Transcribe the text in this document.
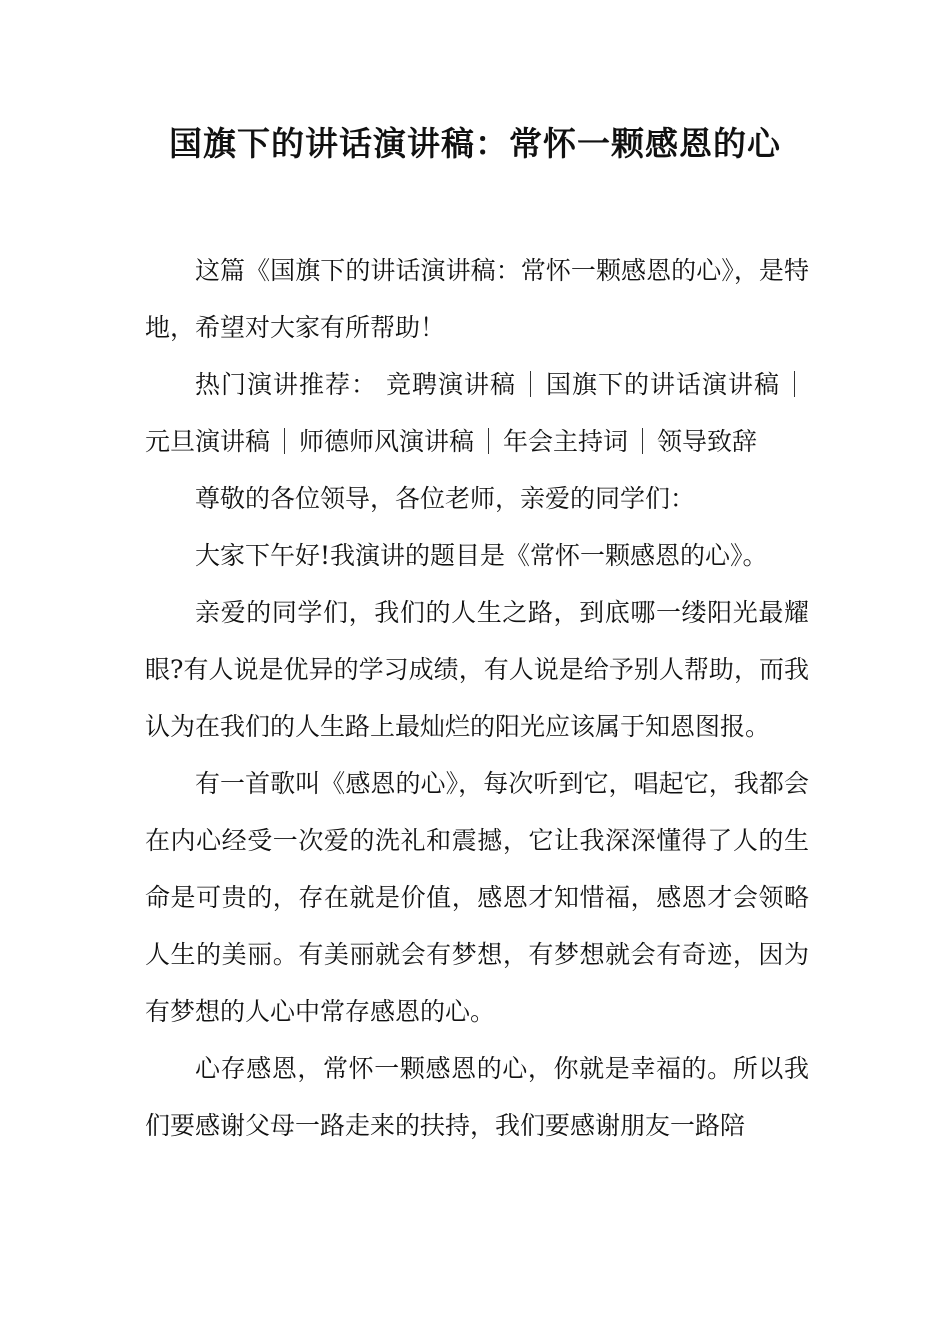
国旗下的讲话演讲稿：常怀一颗感恩的心

这篇《国旗下的讲话演讲稿：常怀一颗感恩的心》，是特地，希望对大家有所帮助！

热门演讲推荐： 竞聘演讲稿 国旗下的讲话演讲稿元旦演讲稿 师德师风演讲稿 年会主持词 领导致辞

尊敬的各位领导，各位老师，亲爱的同学们：

大家下午好!我演讲的题目是《常怀一颗感恩的心》。

亲爱的同学们，我们的人生之路，到底哪一缕阳光最耀眼?有人说是优异的学习成绩，有人说是给予别人帮助，而我认为在我们的人生路上最灿烂的阳光应该属于知恩图报。

有一首歌叫《感恩的心》，每次听到它，唱起它，我都会在内心经受一次爱的洗礼和震撼，它让我深深懂得了人的生命是可贵的，存在就是价值，感恩才知惜福，感恩才会领略人生的美丽。有美丽就会有梦想，有梦想就会有奇迹，因为有梦想的人心中常存感恩的心。

心存感恩，常怀一颗感恩的心，你就是幸福的。所以我们要感谢父母一路走来的扶持，我们要感谢朋友一路陪
